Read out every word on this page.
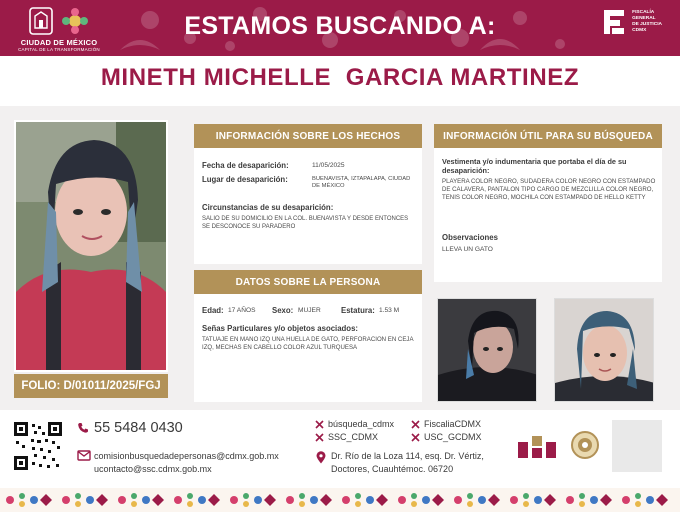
CIUDAD DE MÉXICO
CAPITAL DE LA TRANSFORMACIÓN
ESTAMOS BUSCANDO A:	FISCALÍA
GENERAL
DE JUSTICIA
CDMX
MINETH MICHELLE  GARCIA MARTINEZ
FOLIO: D/01011/2025/FGJ
INFORMACIÓN SOBRE LOS HECHOS
Fecha de desaparición:	11/05/2025
Lugar de desaparición:	BUENAVISTA, IZTAPALAPA, CIUDAD DE MÉXICO
Circunstancias de su desaparición:
SALIO DE SU DOMICILIO EN LA COL. BUENAVISTA Y DESDE ENTONCES SE DESCONOCE SU PARADERO
DATOS SOBRE LA PERSONA
Edad: 17 AÑOS Sexo: MUJER	Estatura: 1.53 M
Señas Particulares y/o objetos asociados:
TATUAJE EN MANO IZQ UNA HUELLA DE GATO, PERFORACION EN CEJA IZQ, MECHAS EN CABELLO COLOR AZUL TURQUESA
INFORMACIÓN ÚTIL PARA SU BÚSQUEDA
Vestimenta y/o indumentaria que portaba el día de su desaparición:
PLAYERA COLOR NEGRO, SUDADERA COLOR NEGRO CON ESTAMPADO DE CALAVERA, PANTALON TIPO CARGO DE MEZCLILLA COLOR NEGRO, TENIS COLOR NEGRO, MOCHILA CON ESTAMPADO DE HELLO KETTY
Observaciones
LLEVA UN GATO
55 5484 0430
comisionbusquedadepersonas@cdmx.gob.mx
ucontacto@ssc.cdmx.gob.mx
búsqueda_cdmx	FiscaliaCDMX
SSC_CDMX	USC_GCDMX
Dr. Río de la Loza 114, esq. Dr. Vértiz,
Doctores, Cuauhtémoc. 06720
